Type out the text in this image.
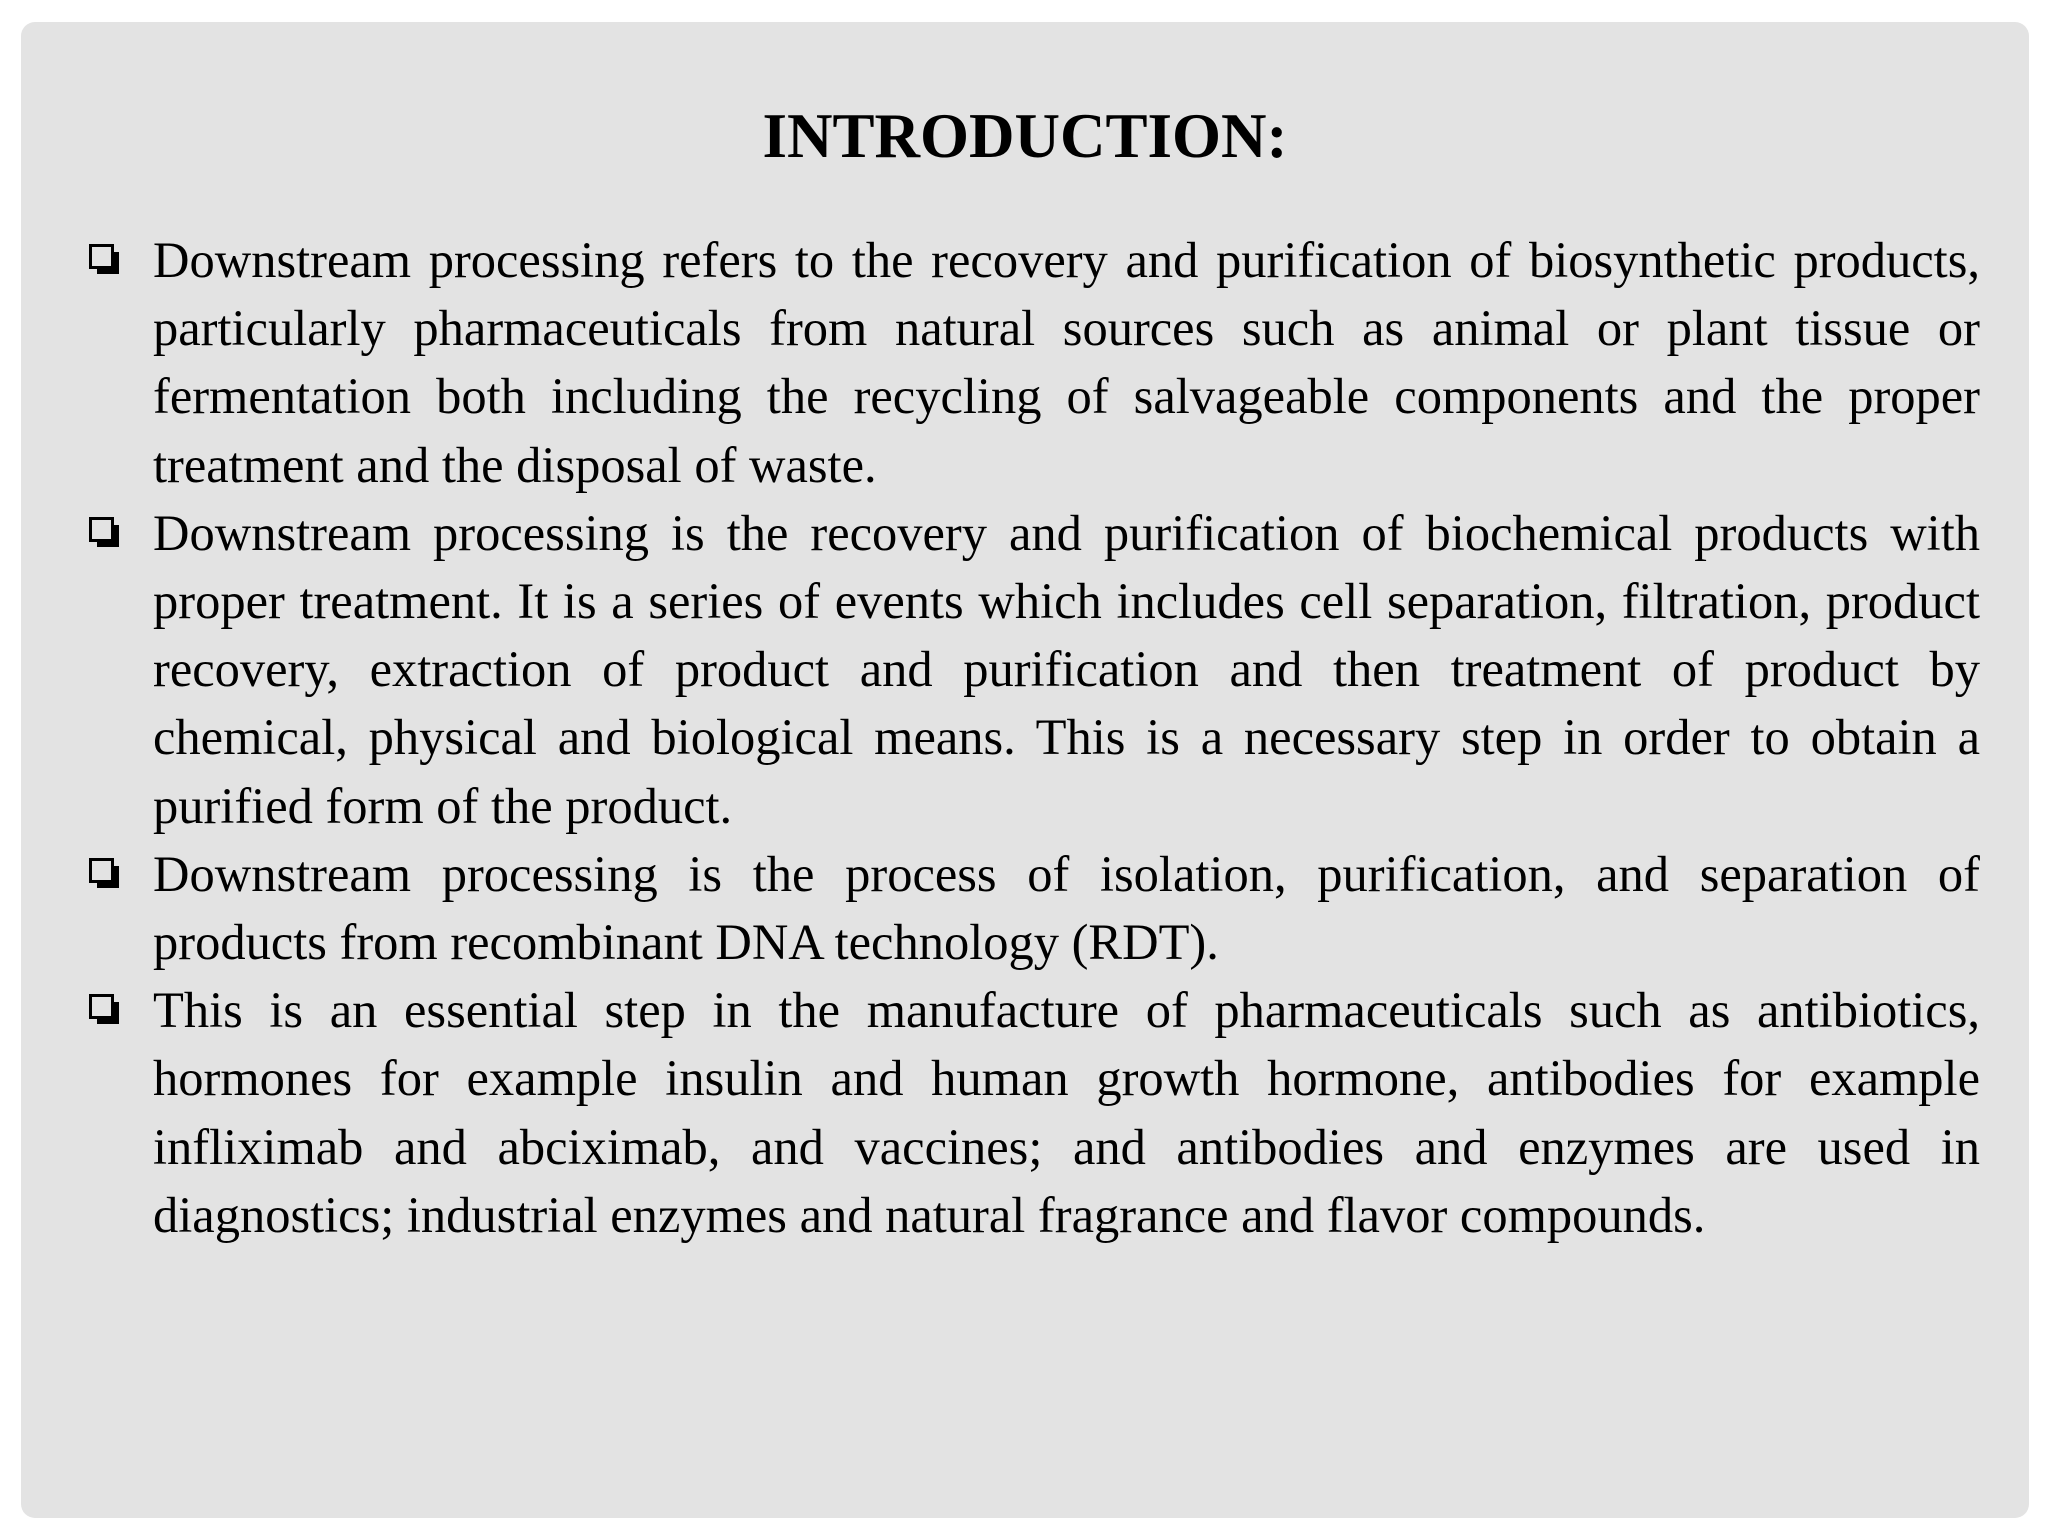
INTRODUCTION:
Downstream processing refers to the recovery and purification of biosynthetic products, particularly pharmaceuticals from natural sources such as animal or plant tissue or fermentation both including the recycling of salvageable components and the proper treatment and the disposal of waste.
Downstream processing is the recovery and purification of biochemical products with proper treatment. It is a series of events which includes cell separation, filtration, product recovery, extraction of product and purification and then treatment of product by chemical, physical and biological means. This is a necessary step in order to obtain a purified form of the product.
Downstream processing is the process of isolation, purification, and separation of products from recombinant DNA technology (RDT).
This is an essential step in the manufacture of pharmaceuticals such as antibiotics, hormones for example insulin and human growth hormone, antibodies for example infliximab and abciximab, and vaccines; and antibodies and enzymes are used in diagnostics; industrial enzymes and natural fragrance and flavor compounds.
